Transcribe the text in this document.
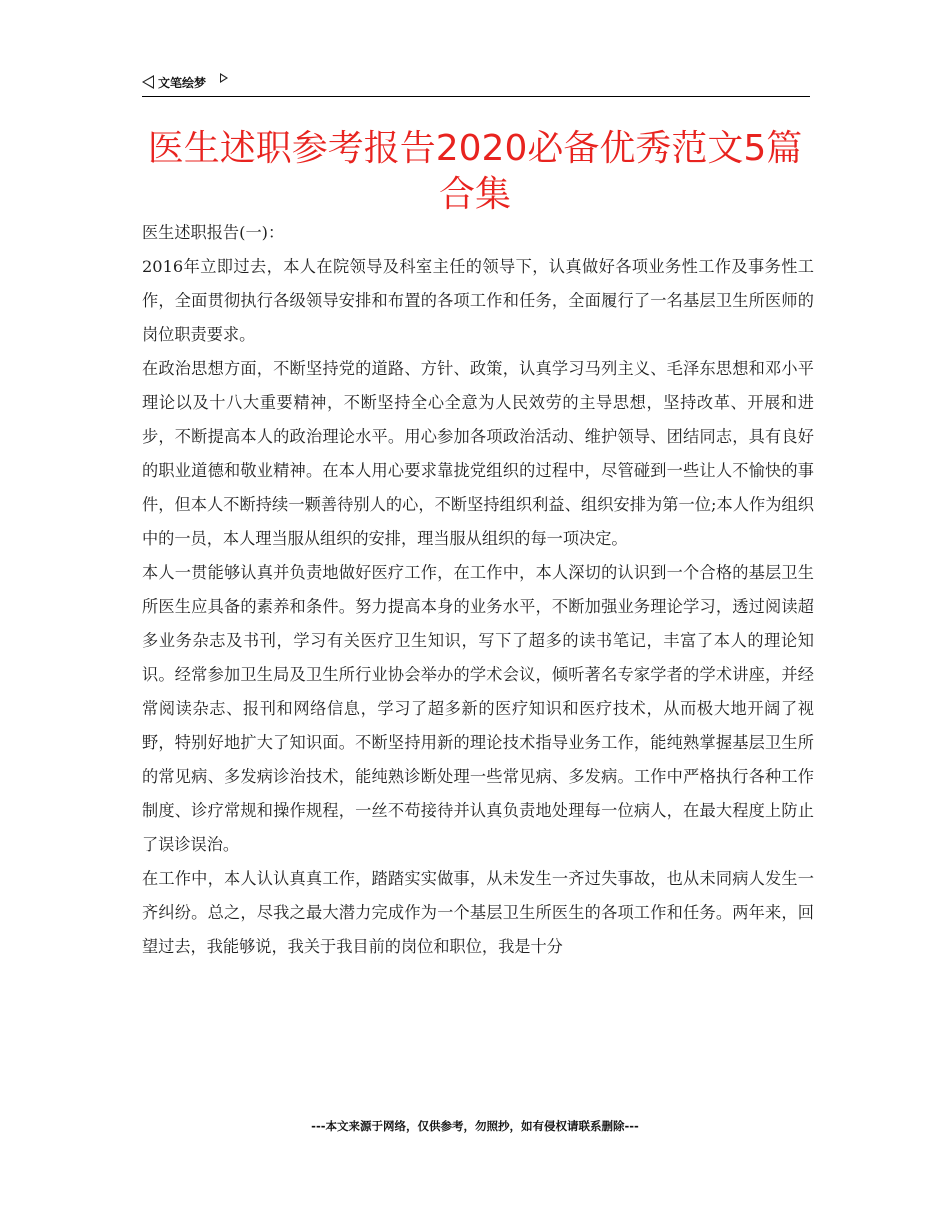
文笔绘梦
医生述职参考报告2020必备优秀范文5篇合集

医生述职报告(一)：

2016年立即过去，本人在院领导及科室主任的领导下，认真做好各项业务性工作及事务性工作，全面贯彻执行各级领导安排和布置的各项工作和任务，全面履行了一名基层卫生所医师的岗位职责要求。

在政治思想方面，不断坚持党的道路、方针、政策，认真学习马列主义、毛泽东思想和邓小平理论以及十八大重要精神，不断坚持全心全意为人民效劳的主导思想，坚持改革、开展和进步，不断提高本人的政治理论水平。用心参加各项政治活动、维护领导、团结同志，具有良好的职业道德和敬业精神。在本人用心要求靠拢党组织的过程中，尽管碰到一些让人不愉快的事件，但本人不断持续一颗善待别人的心，不断坚持组织利益、组织安排为第一位;本人作为组织中的一员，本人理当服从组织的安排，理当服从组织的每一项决定。

本人一贯能够认真并负责地做好医疗工作，在工作中，本人深切的认识到一个合格的基层卫生所医生应具备的素养和条件。努力提高本身的业务水平，不断加强业务理论学习，透过阅读超多业务杂志及书刊，学习有关医疗卫生知识，写下了超多的读书笔记，丰富了本人的理论知识。经常参加卫生局及卫生所行业协会举办的学术会议，倾听著名专家学者的学术讲座，并经常阅读杂志、报刊和网络信息，学习了超多新的医疗知识和医疗技术，从而极大地开阔了视野，特别好地扩大了知识面。不断坚持用新的理论技术指导业务工作，能纯熟掌握基层卫生所的常见病、多发病诊治技术，能纯熟诊断处理一些常见病、多发病。工作中严格执行各种工作制度、诊疗常规和操作规程，一丝不苟接待并认真负责地处理每一位病人，在最大程度上防止了误诊误治。

在工作中，本人认认真真工作，踏踏实实做事，从未发生一齐过失事故，也从未同病人发生一齐纠纷。总之，尽我之最大潜力完成作为一个基层卫生所医生的各项工作和任务。两年来，回望过去，我能够说，我关于我目前的岗位和职位，我是十分

---本文来源于网络，仅供参考，勿照抄，如有侵权请联系删除---
